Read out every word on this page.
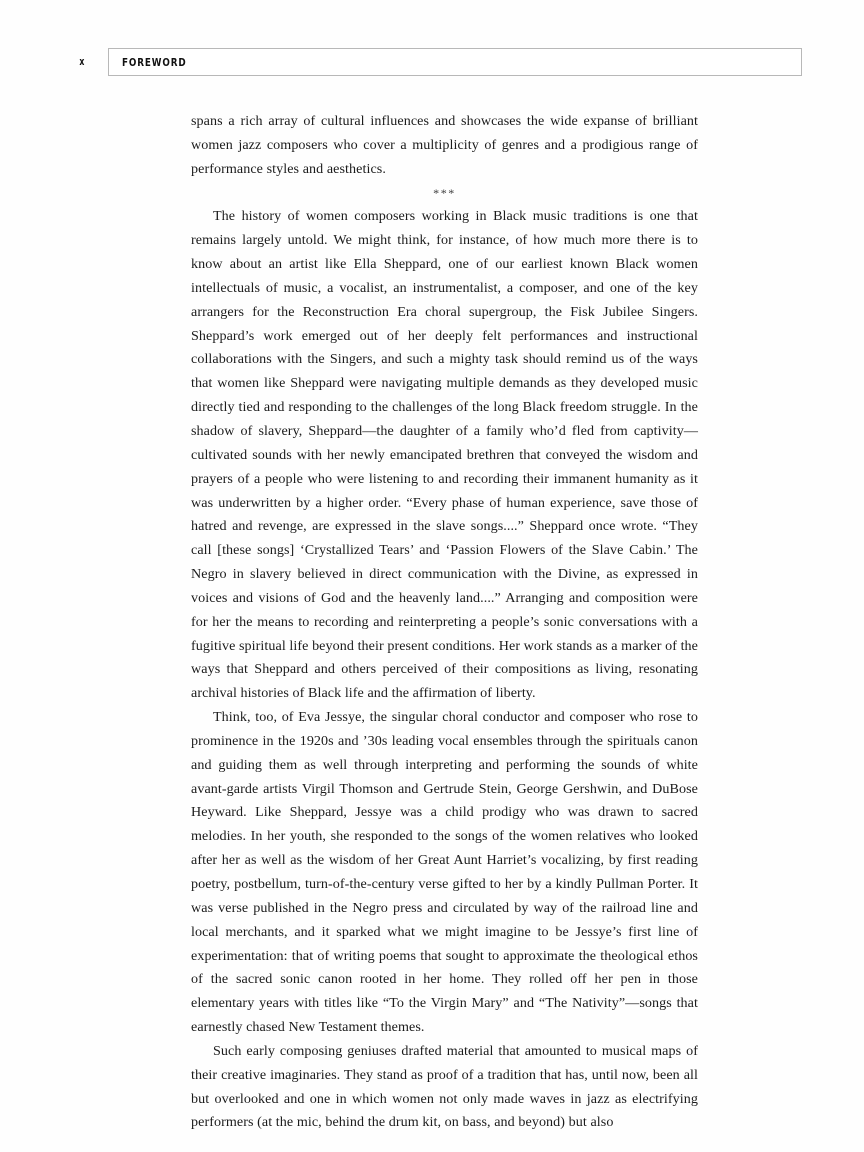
x	FOREWORD

spans a rich array of cultural influences and showcases the wide expanse of brilliant women jazz composers who cover a multiplicity of genres and a prodigious range of performance styles and aesthetics.

***

The history of women composers working in Black music traditions is one that remains largely untold. We might think, for instance, of how much more there is to know about an artist like Ella Sheppard, one of our earliest known Black women intellectuals of music, a vocalist, an instrumentalist, a composer, and one of the key arrangers for the Reconstruction Era choral supergroup, the Fisk Jubilee Singers. Sheppard’s work emerged out of her deeply felt performances and instructional collaborations with the Singers, and such a mighty task should remind us of the ways that women like Sheppard were navigating multiple demands as they developed music directly tied and responding to the challenges of the long Black freedom struggle. In the shadow of slavery, Sheppard—the daughter of a family who’d fled from captivity—cultivated sounds with her newly emancipated brethren that conveyed the wisdom and prayers of a people who were listening to and recording their immanent humanity as it was underwritten by a higher order. “Every phase of human experience, save those of hatred and revenge, are expressed in the slave songs....” Sheppard once wrote. “They call [these songs] ‘Crystallized Tears’ and ‘Passion Flowers of the Slave Cabin.’ The Negro in slavery believed in direct communication with the Divine, as expressed in voices and visions of God and the heavenly land....” Arranging and composition were for her the means to recording and reinterpreting a people’s sonic conversations with a fugitive spiritual life beyond their present conditions. Her work stands as a marker of the ways that Sheppard and others perceived of their compositions as living, resonating archival histories of Black life and the affirmation of liberty.

Think, too, of Eva Jessye, the singular choral conductor and composer who rose to prominence in the 1920s and ’30s leading vocal ensembles through the spirituals canon and guiding them as well through interpreting and performing the sounds of white avant-garde artists Virgil Thomson and Gertrude Stein, George Gershwin, and DuBose Heyward. Like Sheppard, Jessye was a child prodigy who was drawn to sacred melodies. In her youth, she responded to the songs of the women relatives who looked after her as well as the wisdom of her Great Aunt Harriet’s vocalizing, by first reading poetry, postbellum, turn-of-the-century verse gifted to her by a kindly Pullman Porter. It was verse published in the Negro press and circulated by way of the railroad line and local merchants, and it sparked what we might imagine to be Jessye’s first line of experimentation: that of writing poems that sought to approximate the theological ethos of the sacred sonic canon rooted in her home. They rolled off her pen in those elementary years with titles like “To the Virgin Mary” and “The Nativity”—songs that earnestly chased New Testament themes.

Such early composing geniuses drafted material that amounted to musical maps of their creative imaginaries. They stand as proof of a tradition that has, until now, been all but overlooked and one in which women not only made waves in jazz as electrifying performers (at the mic, behind the drum kit, on bass, and beyond) but also
